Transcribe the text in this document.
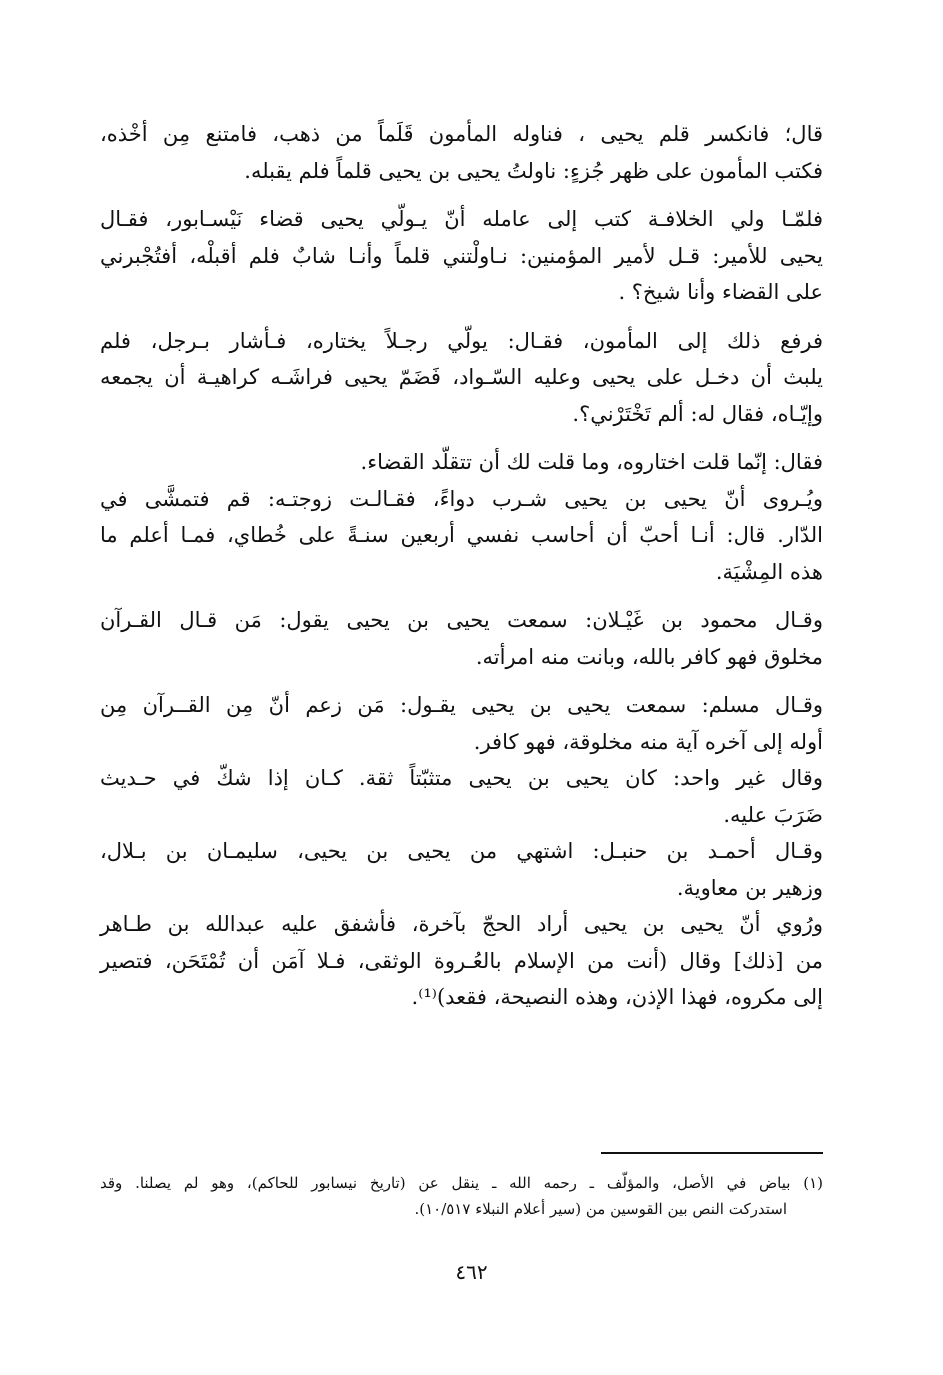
قال؛ فانكسر قلم يحيى ، فناوله المأمون قَلَماً من ذهب، فامتنع مِن أخْذه،
فكتب المأمون على ظهر جُزءٍ: ناولتُ يحيى بن يحيى قلماً فلم يقبله.
فلمّـا ولي الخلافـة كتب إلى عامله أنّ يـولّي يحيى قضاء نَيْسـابور، فقـال
يحيى للأمير: قـل لأمير المؤمنين: نـاولْتني قلماً وأنـا شابٌ فلم أقبلْه، أفتُجْبرني
على القضاء وأنا شيخ؟ .
فرفع ذلك إلى المأمون، فقـال: يولّي رجـلاً يختاره، فـأشار بـرجل، فلم
يلبث أن دخـل على يحيى وعليه السّـواد، فَضَمّ يحيى فراشَـه كراهيـة أن يجمعه
وإيّـاه، فقال له: ألم تَخْتَرْني؟.
فقال: إنّما قلت اختاروه، وما قلت لك أن تتقلّد القضاء.
ويُـروى أنّ يحيى بن يحيى شـرب دواءً، فقـالـت زوجتـه: قم فتمشَّى في
الدّار. قال: أنـا أحبّ أن أحاسب نفسي أربعين سنـةً على خُطاي، فمـا أعلم ما
هذه المِشْيَة.
وقـال محمود بن غَيْـلان: سمعت يحيى بن يحيى يقول: مَن قـال القـرآن
مخلوق فهو كافر بالله، وبانت منه امرأته.
وقـال مسلم: سمعت يحيى بن يحيى يقـول: مَن زعم أنّ مِن القــرآن مِن
أوله إلى آخره آية منه مخلوقة، فهو كافر.
وقال غير واحد: كان يحيى بن يحيى متثبّتاً ثقة. كـان إذا شكّ في حـديث
ضَرَبَ عليه.
وقـال أحمـد بن حنبـل: اشتهي من يحيى بن يحيى، سليمـان بن بـلال،
وزهير بن معاوية.
ورُوي أنّ يحيى بن يحيى أراد الحجّ بآخرة، فأشفق عليه عبدالله بن طـاهر
من [ذلك] وقال (أنت من الإسلام بالعُـروة الوثقى، فـلا آمَن أن تُمْتَحَن، فتصير
إلى مكروه، فهذا الإذن، وهذه النصيحة، فقعد)⁽¹⁾.
(١) بياض في الأصل، والمؤلّف ـ رحمه الله ـ ينقل عن (تاريخ نيسابور للحاكم)، وهو لم يصلنا. وقد
استدركت النص بين القوسين من (سير أعلام النبلاء ١٠/٥١٧).
٤٦٢
